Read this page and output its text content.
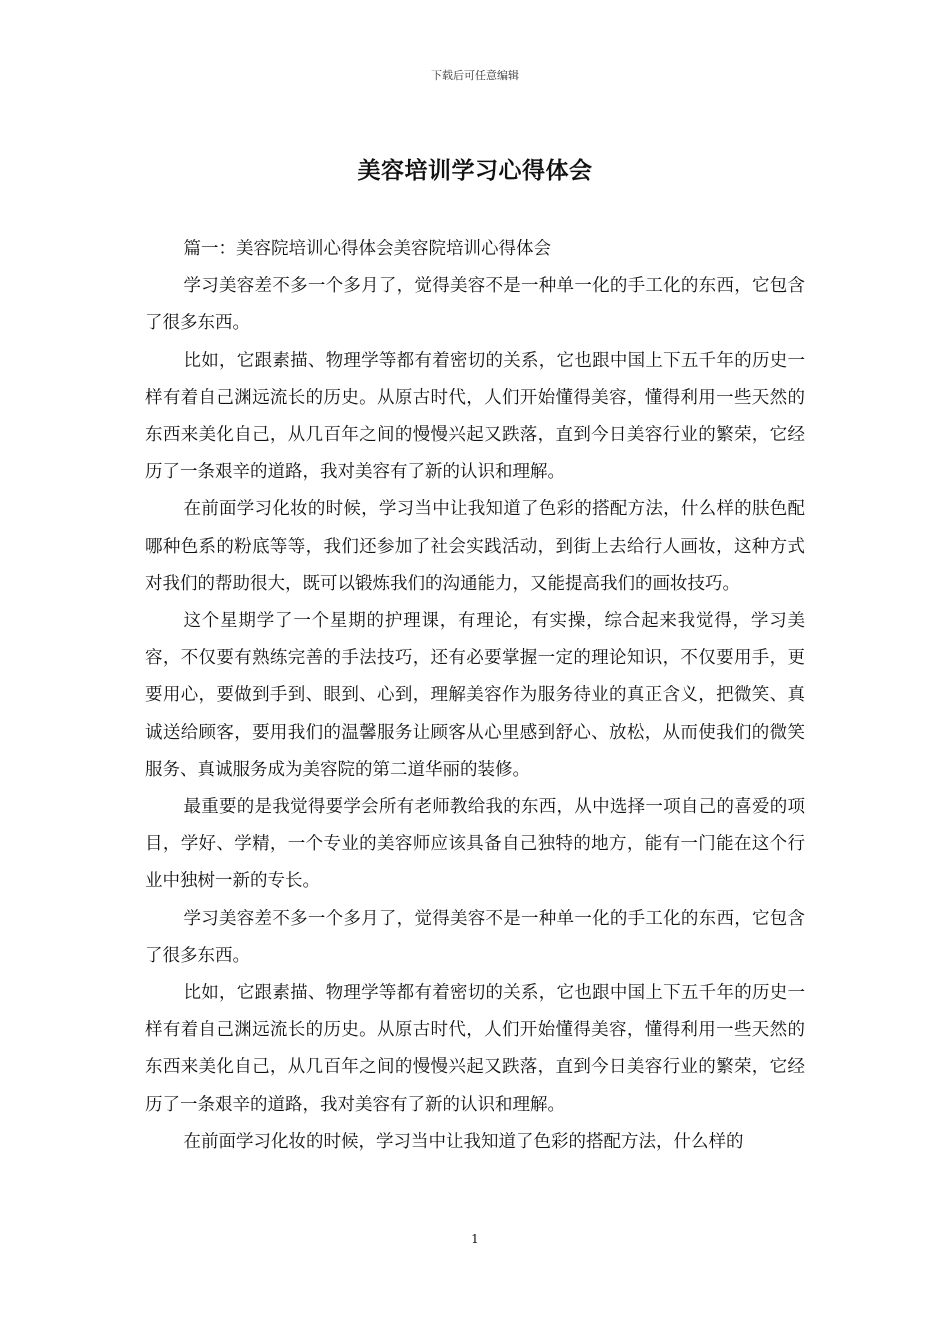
下载后可任意编辑
美容培训学习心得体会

篇一：美容院培训心得体会美容院培训心得体会

学习美容差不多一个多月了，觉得美容不是一种单一化的手工化的东西，它包含了很多东西。

比如，它跟素描、物理学等都有着密切的关系，它也跟中国上下五千年的历史一样有着自己渊远流长的历史。从原古时代，人们开始懂得美容，懂得利用一些天然的东西来美化自己，从几百年之间的慢慢兴起又跌落，直到今日美容行业的繁荣，它经历了一条艰辛的道路，我对美容有了新的认识和理解。

在前面学习化妆的时候，学习当中让我知道了色彩的搭配方法，什么样的肤色配哪种色系的粉底等等，我们还参加了社会实践活动，到街上去给行人画妆，这种方式对我们的帮助很大，既可以锻炼我们的沟通能力，又能提高我们的画妆技巧。

这个星期学了一个星期的护理课，有理论，有实操，综合起来我觉得，学习美容，不仅要有熟练完善的手法技巧，还有必要掌握一定的理论知识，不仅要用手，更要用心，要做到手到、眼到、心到，理解美容作为服务待业的真正含义，把微笑、真诚送给顾客，要用我们的温馨服务让顾客从心里感到舒心、放松，从而使我们的微笑服务、真诚服务成为美容院的第二道华丽的装修。

最重要的是我觉得要学会所有老师教给我的东西，从中选择一项自己的喜爱的项目，学好、学精，一个专业的美容师应该具备自己独特的地方，能有一门能在这个行业中独树一新的专长。

学习美容差不多一个多月了，觉得美容不是一种单一化的手工化的东西，它包含了很多东西。

比如，它跟素描、物理学等都有着密切的关系，它也跟中国上下五千年的历史一样有着自己渊远流长的历史。从原古时代，人们开始懂得美容，懂得利用一些天然的东西来美化自己，从几百年之间的慢慢兴起又跌落，直到今日美容行业的繁荣，它经历了一条艰辛的道路，我对美容有了新的认识和理解。

在前面学习化妆的时候，学习当中让我知道了色彩的搭配方法，什么样的

1
